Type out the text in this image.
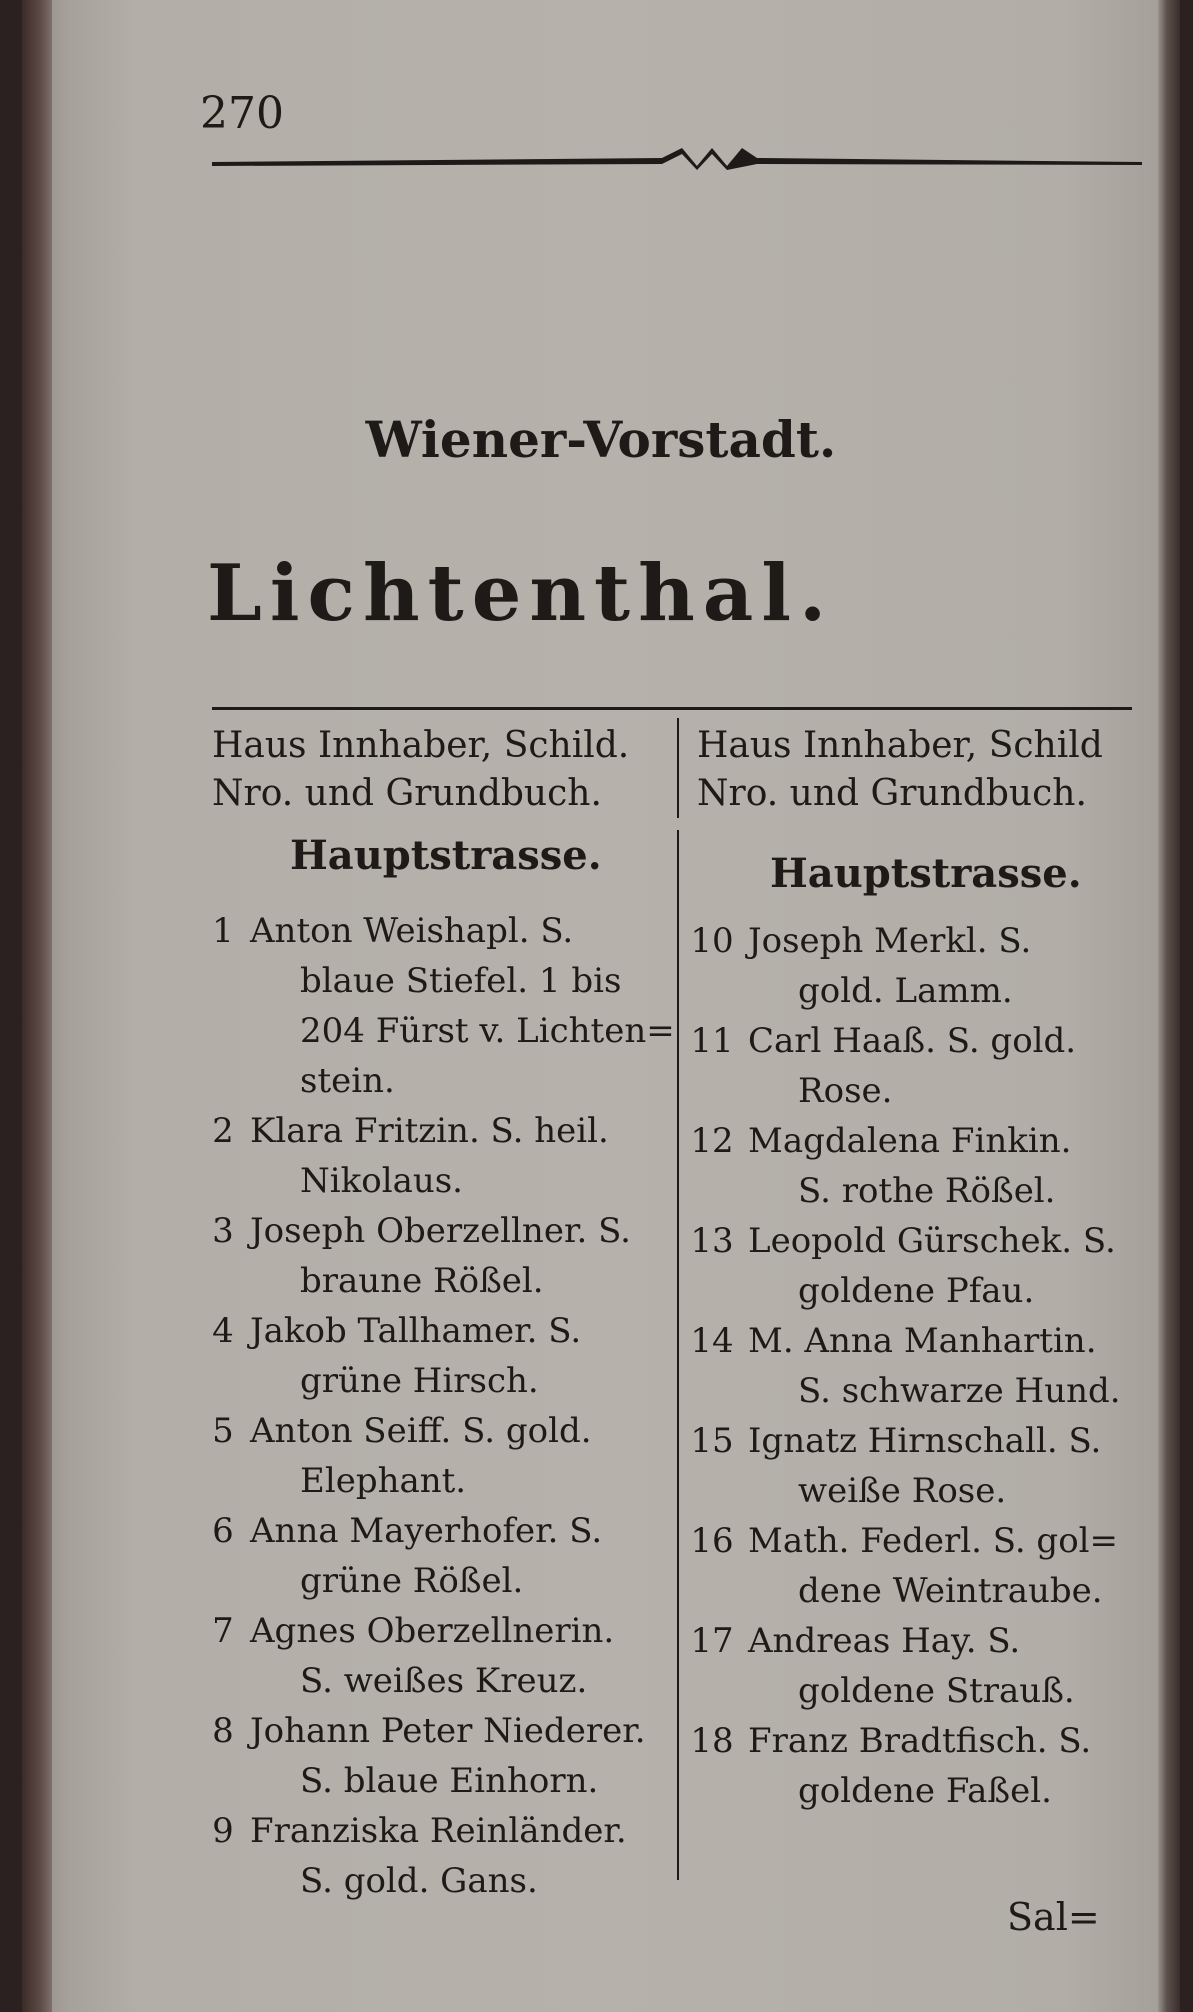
270
Wiener-Vorstadt.
Lichtenthal.
Haus Innhaber, Schild.
Nro. und Grundbuch.
Haus Innhaber, Schild
Nro. und Grundbuch.
Hauptstrasse.	Hauptstrasse.
1 Anton Weishapl. S.
blaue Stiefel. 1 bis
204 Fürst v. Lichten=
stein.
2 Klara Fritzin. S. heil.
Nikolaus.
3 Joseph Oberzellner. S.
braune Rößel.
4 Jakob Tallhamer. S.
grüne Hirsch.
5 Anton Seiff. S. gold.
Elephant.
6 Anna Mayerhofer. S.
grüne Rößel.
7 Agnes Oberzellnerin.
S. weißes Kreuz.
8 Johann Peter Niederer.
S. blaue Einhorn.
9 Franziska Reinländer.
S. gold. Gans.
10 Joseph Merkl. S.
gold. Lamm.
11 Carl Haaß. S. gold.
Rose.
12 Magdalena Finkin.
S. rothe Rößel.
13 Leopold Gürschek. S.
goldene Pfau.
14 M. Anna Manhartin.
S. schwarze Hund.
15 Ignatz Hirnschall. S.
weiße Rose.
16 Math. Federl. S. gol=
dene Weintraube.
17 Andreas Hay. S.
goldene Strauß.
18 Franz Bradtfisch. S.
goldene Faßel.
Sal=
